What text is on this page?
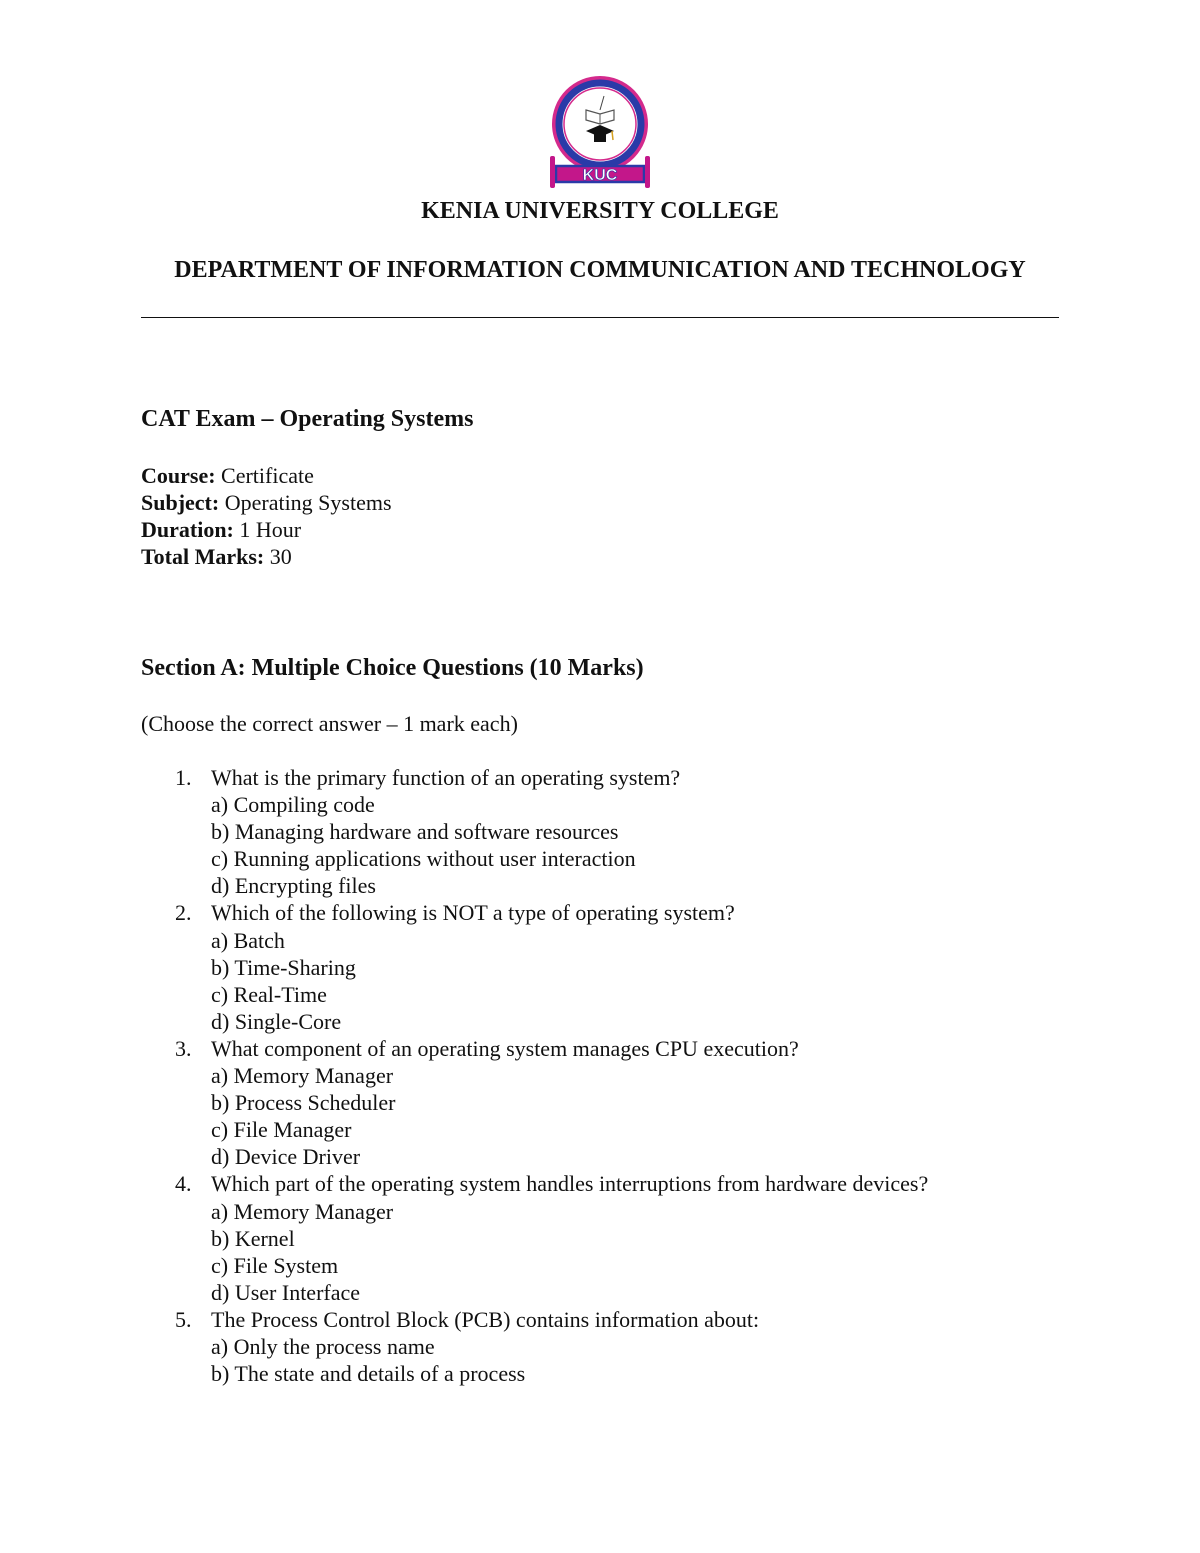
KUC
KENIA UNIVERSITY COLLEGE
DEPARTMENT OF INFORMATION COMMUNICATION AND TECHNOLOGY
CAT Exam – Operating Systems
Course: Certificate
Subject: Operating Systems
Duration: 1 Hour
Total Marks: 30
Section A: Multiple Choice Questions (10 Marks)
(Choose the correct answer – 1 mark each)
1. What is the primary function of an operating system?
a) Compiling code
b) Managing hardware and software resources
c) Running applications without user interaction
d) Encrypting files
2. Which of the following is NOT a type of operating system?
a) Batch
b) Time-Sharing
c) Real-Time
d) Single-Core
3. What component of an operating system manages CPU execution?
a) Memory Manager
b) Process Scheduler
c) File Manager
d) Device Driver
4. Which part of the operating system handles interruptions from hardware devices?
a) Memory Manager
b) Kernel
c) File System
d) User Interface
5. The Process Control Block (PCB) contains information about:
a) Only the process name
b) The state and details of a process
